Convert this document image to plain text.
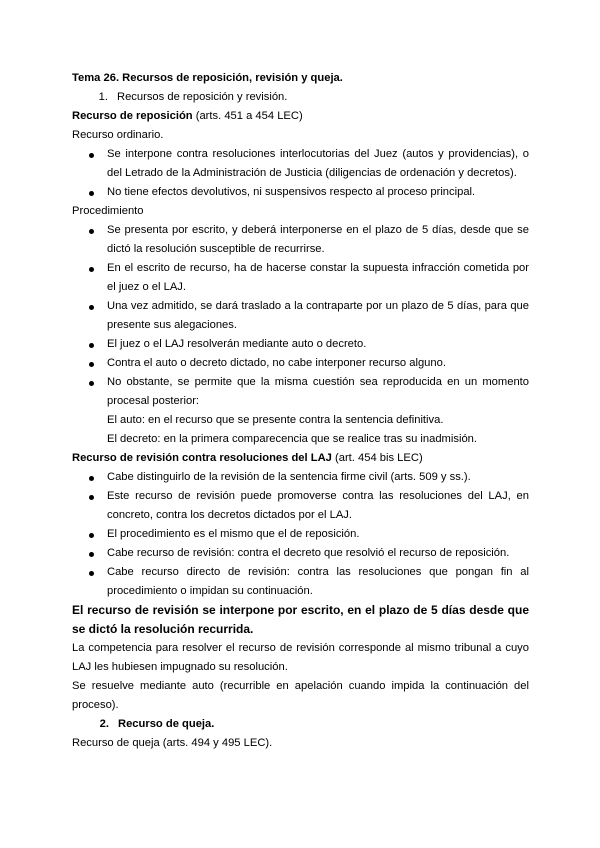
Tema 26. Recursos de reposición, revisión y queja.

1. Recursos de reposición y revisión.

Recurso de reposición (arts. 451 a 454 LEC)

Recurso ordinario.

Se interpone contra resoluciones interlocutorias del Juez (autos y providencias), o del Letrado de la Administración de Justicia (diligencias de ordenación y decretos).
No tiene efectos devolutivos, ni suspensivos respecto al proceso principal.

Procedimiento

Se presenta por escrito, y deberá interponerse en el plazo de 5 días, desde que se dictó la resolución susceptible de recurrirse.
En el escrito de recurso, ha de hacerse constar la supuesta infracción cometida por el juez o el LAJ.
Una vez admitido, se dará traslado a la contraparte por un plazo de 5 días, para que presente sus alegaciones.
El juez o el LAJ resolverán mediante auto o decreto.
Contra el auto o decreto dictado, no cabe interponer recurso alguno.
No obstante, se permite que la misma cuestión sea reproducida en un momento procesal posterior:

El auto: en el recurso que se presente contra la sentencia definitiva.

El decreto: en la primera comparecencia que se realice tras su inadmisión.

Recurso de revisión contra resoluciones del LAJ (art. 454 bis LEC)

Cabe distinguirlo de la revisión de la sentencia firme civil (arts. 509 y ss.).
Este recurso de revisión puede promoverse contra las resoluciones del LAJ, en concreto, contra los decretos dictados por el LAJ.
El procedimiento es el mismo que el de reposición.
Cabe recurso de revisión: contra el decreto que resolvió el recurso de reposición.
Cabe recurso directo de revisión: contra las resoluciones que pongan fin al procedimiento o impidan su continuación.

El recurso de revisión se interpone por escrito, en el plazo de 5 días desde que se dictó la resolución recurrida.

La competencia para resolver el recurso de revisión corresponde al mismo tribunal a cuyo LAJ les hubiesen impugnado su resolución.

Se resuelve mediante auto (recurrible en apelación cuando impida la continuación del proceso).

2. Recurso de queja.

Recurso de queja (arts. 494 y 495 LEC).
